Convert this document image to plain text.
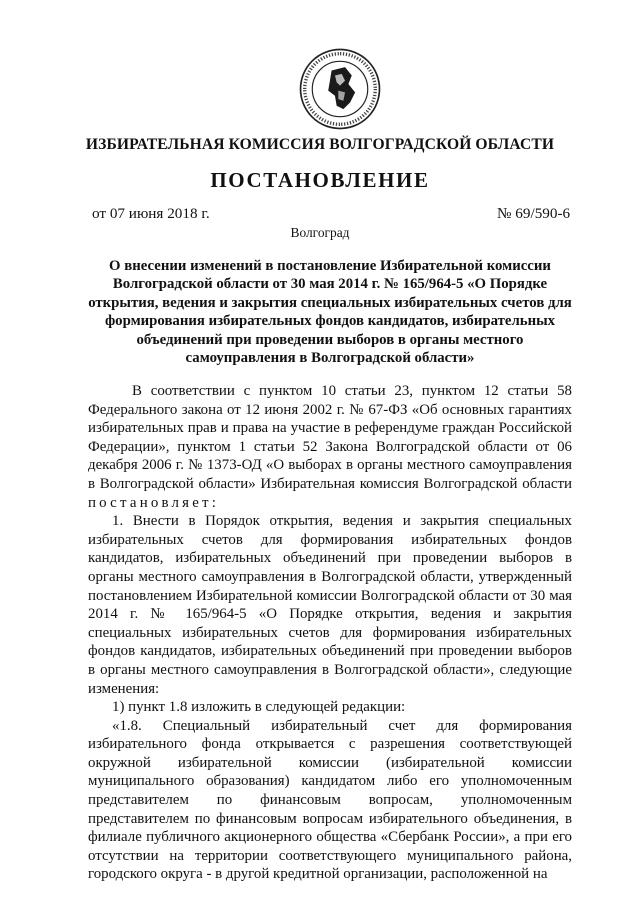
ИЗБИРАТЕЛЬНАЯ КОМИССИЯ ВОЛГОГРАДСКОЙ ОБЛАСТИ
ПОСТАНОВЛЕНИЕ
от 07 июня 2018 г.	№ 69/590-6
Волгоград
О внесении изменений в постановление Избирательной комиссии Волгоградской области от 30 мая 2014 г. № 165/964-5 «О Порядке открытия, ведения и закрытия специальных избирательных счетов для формирования избирательных фондов кандидатов, избирательных объединений при проведении выборов в органы местного самоуправления в Волгоградской области»

В соответствии с пунктом 10 статьи 23, пунктом 12 статьи 58 Федерального закона от 12 июня 2002 г. № 67-ФЗ «Об основных гарантиях избирательных прав и права на участие в референдуме граждан Российской Федерации», пунктом 1 статьи 52 Закона Волгоградской области от 06 декабря 2006 г. № 1373-ОД «О выборах в органы местного самоуправления в Волгоградской области» Избирательная комиссия Волгоградской области постановляет:

1. Внести в Порядок открытия, ведения и закрытия специальных избирательных счетов для формирования избирательных фондов кандидатов, избирательных объединений при проведении выборов в органы местного самоуправления в Волгоградской области, утвержденный постановлением Избирательной комиссии Волгоградской области от 30 мая 2014 г. № 165/964-5 «О Порядке открытия, ведения и закрытия специальных избирательных счетов для формирования избирательных фондов кандидатов, избирательных объединений при проведении выборов в органы местного самоуправления в Волгоградской области», следующие изменения:

1) пункт 1.8 изложить в следующей редакции:

«1.8. Специальный избирательный счет для формирования избирательного фонда открывается с разрешения соответствующей окружной избирательной комиссии (избирательной комиссии муниципального образования) кандидатом либо его уполномоченным представителем по финансовым вопросам, уполномоченным представителем по финансовым вопросам избирательного объединения, в филиале публичного акционерного общества «Сбербанк России», а при его отсутствии на территории соответствующего муниципального района, городского округа - в другой кредитной организации, расположенной на
